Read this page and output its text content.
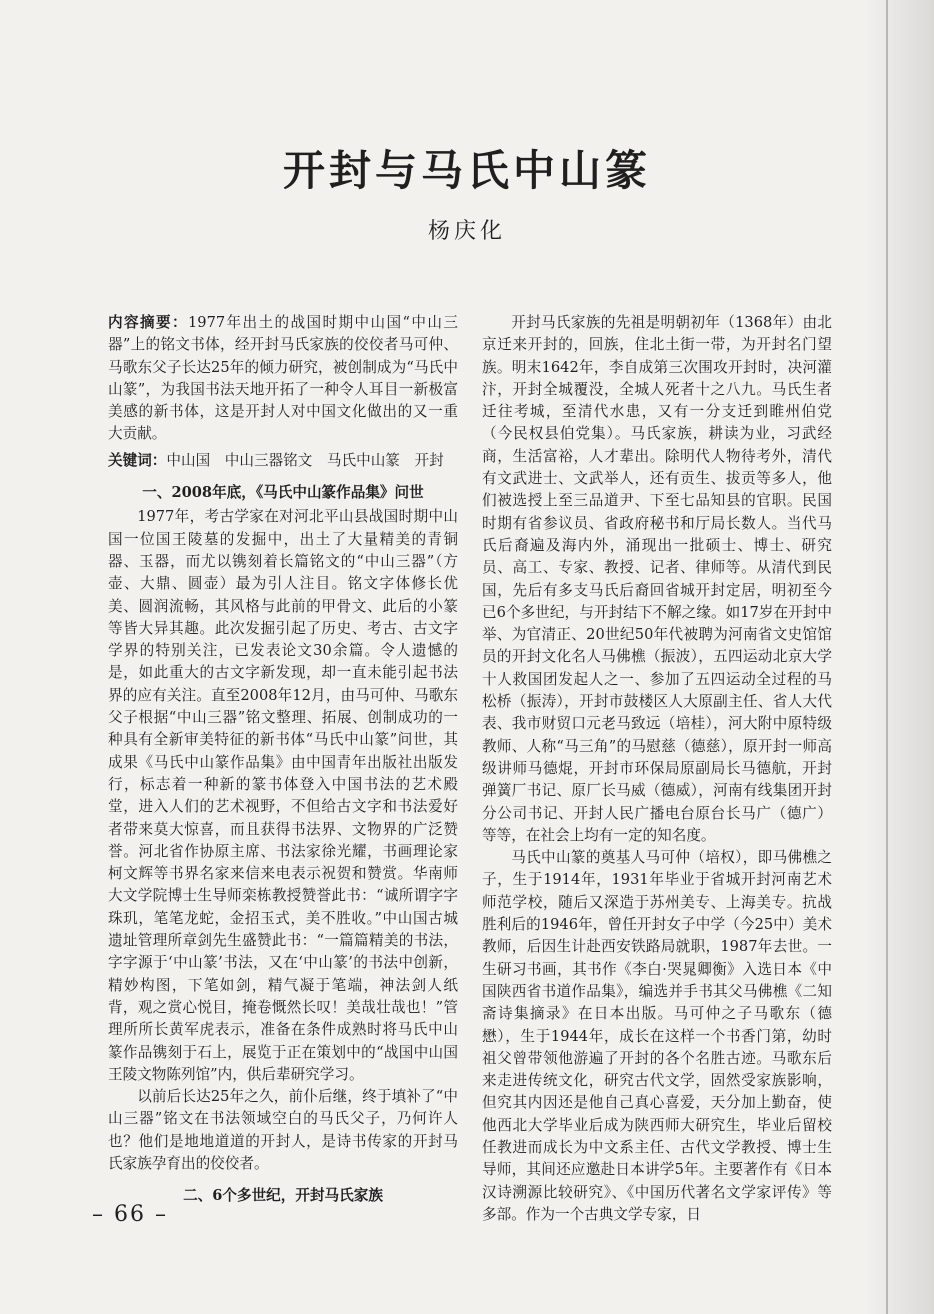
开封与马氏中山篆

杨庆化

内容摘要：1977年出土的战国时期中山国“中山三器”上的铭文书体，经开封马氏家族的佼佼者马可仲、马歌东父子长达25年的倾力研究，被创制成为“马氏中山篆”，为我国书法天地开拓了一种令人耳目一新极富美感的新书体，这是开封人对中国文化做出的又一重大贡献。

关键词：中山国　中山三器铭文　马氏中山篆　开封

一、2008年底，《马氏中山篆作品集》问世

1977年，考古学家在对河北平山县战国时期中山国一位国王陵墓的发掘中，出土了大量精美的青铜器、玉器，而尤以镌刻着长篇铭文的“中山三器”（方壶、大鼎、圆壶）最为引人注目。铭文字体修长优美、圆润流畅，其风格与此前的甲骨文、此后的小篆等皆大异其趣。此次发掘引起了历史、考古、古文字学界的特别关注，已发表论文30余篇。令人遗憾的是，如此重大的古文字新发现，却一直未能引起书法界的应有关注。直至2008年12月，由马可仲、马歌东父子根据“中山三器”铭文整理、拓展、创制成功的一种具有全新审美特征的新书体“马氏中山篆”问世，其成果《马氏中山篆作品集》由中国青年出版社出版发行，标志着一种新的篆书体登入中国书法的艺术殿堂，进入人们的艺术视野，不但给古文字和书法爱好者带来莫大惊喜，而且获得书法界、文物界的广泛赞誉。河北省作协原主席、书法家徐光耀，书画理论家柯文辉等书界名家来信来电表示祝贺和赞赏。华南师大文学院博士生导师栾栋教授赞誉此书：“诚所谓字字珠玑，笔笔龙蛇，金招玉式，美不胜收。”中山国古城遗址管理所章剑先生盛赞此书：“一篇篇精美的书法，字字源于‘中山篆’书法，又在‘中山篆’的书法中创新，精妙构图，下笔如剑，精气凝于笔端，神法剑人纸背，观之赏心悦目，掩卷慨然长叹！美哉壮哉也！”管理所所长黄军虎表示，准备在条件成熟时将马氏中山篆作品镌刻于石上，展览于正在策划中的“战国中山国王陵文物陈列馆”内，供后辈研究学习。

以前后长达25年之久，前仆后继，终于填补了“中山三器”铭文在书法领域空白的马氏父子，乃何许人也？他们是地地道道的开封人，是诗书传家的开封马氏家族孕育出的佼佼者。

二、6个多世纪，开封马氏家族

开封马氏家族的先祖是明朝初年（1368年）由北京迁来开封的，回族，住北土街一带，为开封名门望族。明末1642年，李自成第三次围攻开封时，决河灌汴，开封全城覆没，全城人死者十之八九。马氏生者迁往考城，至清代水患，又有一分支迁到睢州伯党（今民权县伯党集）。马氏家族，耕读为业，习武经商，生活富裕，人才辈出。除明代人物待考外，清代有文武进士、文武举人，还有贡生、拔贡等多人，他们被选授上至三品道尹、下至七品知县的官职。民国时期有省参议员、省政府秘书和厅局长数人。当代马氏后裔遍及海内外，涌现出一批硕士、博士、研究员、高工、专家、教授、记者、律师等。从清代到民国，先后有多支马氏后裔回省城开封定居，明初至今已6个多世纪，与开封结下不解之缘。如17岁在开封中举、为官清正、20世纪50年代被聘为河南省文史馆馆员的开封文化名人马佛樵（振波），五四运动北京大学十人救国团发起人之一、参加了五四运动全过程的马松桥（振涛），开封市鼓楼区人大原副主任、省人大代表、我市财贸口元老马致远（培桂），河大附中原特级教师、人称“马三角”的马慰慈（德慈），原开封一师高级讲师马德焜，开封市环保局原副局长马德航，开封弹簧厂书记、原厂长马威（德威），河南有线集团开封分公司书记、开封人民广播电台原台长马广（德广）等等，在社会上均有一定的知名度。

马氏中山篆的奠基人马可仲（培权），即马佛樵之子，生于1914年，1931年毕业于省城开封河南艺术师范学校，随后又深造于苏州美专、上海美专。抗战胜利后的1946年，曾任开封女子中学（今25中）美术教师，后因生计赴西安铁路局就职，1987年去世。一生研习书画，其书作《李白·哭晁卿衡》入选日本《中国陕西省书道作品集》，编选并手书其父马佛樵《二知斋诗集摘录》在日本出版。马可仲之子马歌东（德懋），生于1944年，成长在这样一个书香门第，幼时祖父曾带领他游遍了开封的各个名胜古迹。马歌东后来走进传统文化，研究古代文学，固然受家族影响，但究其内因还是他自己真心喜爱，天分加上勤奋，使他西北大学毕业后成为陕西师大研究生，毕业后留校任教进而成长为中文系主任、古代文学教授、博士生导师，其间还应邀赴日本讲学5年。主要著作有《日本汉诗溯源比较研究》、《中国历代著名文学家评传》等多部。作为一个古典文学专家，日

– 66 –
